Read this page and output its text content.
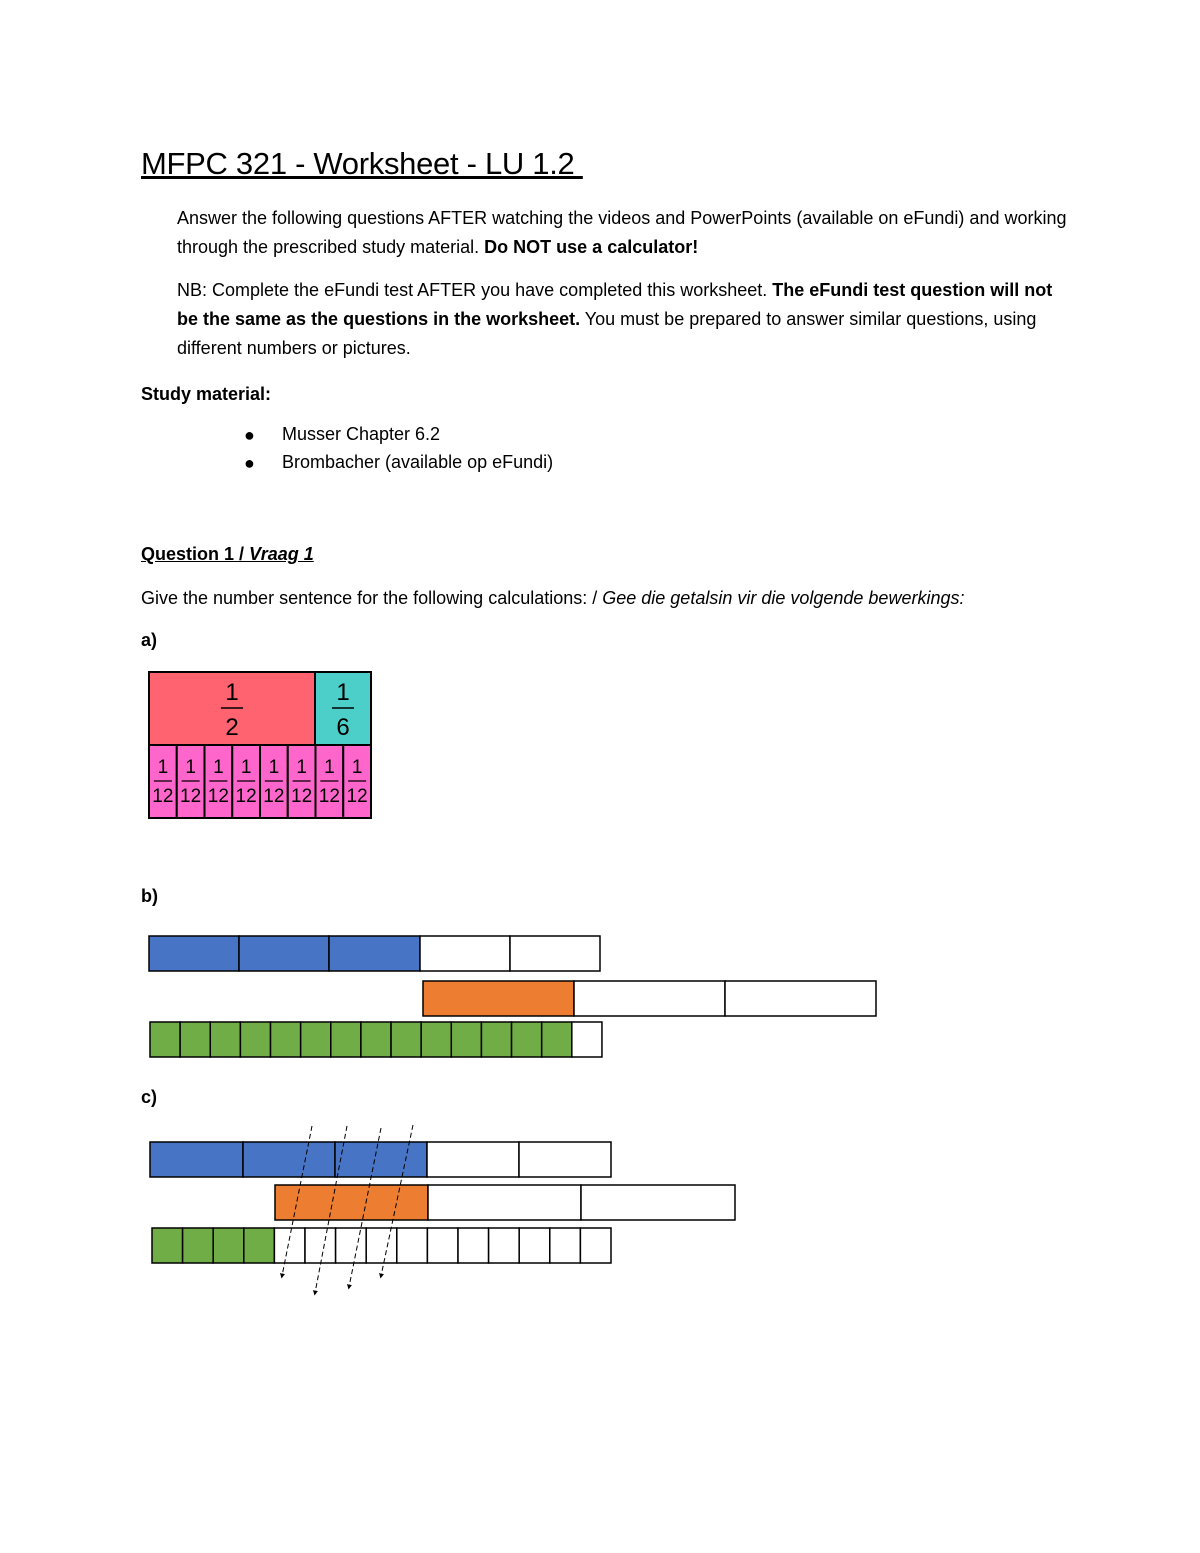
MFPC 321 - Worksheet - LU 1.2
Answer the following questions AFTER watching the videos and PowerPoints (available on eFundi) and working through the prescribed study material. Do NOT use a calculator!
NB: Complete the eFundi test AFTER you have completed this worksheet. The eFundi test question will not be the same as the questions in the worksheet. You must be prepared to answer similar questions, using different numbers or pictures.
Study material:
● Musser Chapter 6.2
● Brombacher (available op eFundi)
Question 1 / Vraag 1
Give the number sentence for the following calculations: / Gee die getalsin vir die volgende bewerkings:
a)
b)
c)
1
2
1
6
1
12
1
12
1
12
1
12
1
12
1
12
1
12
1
12
